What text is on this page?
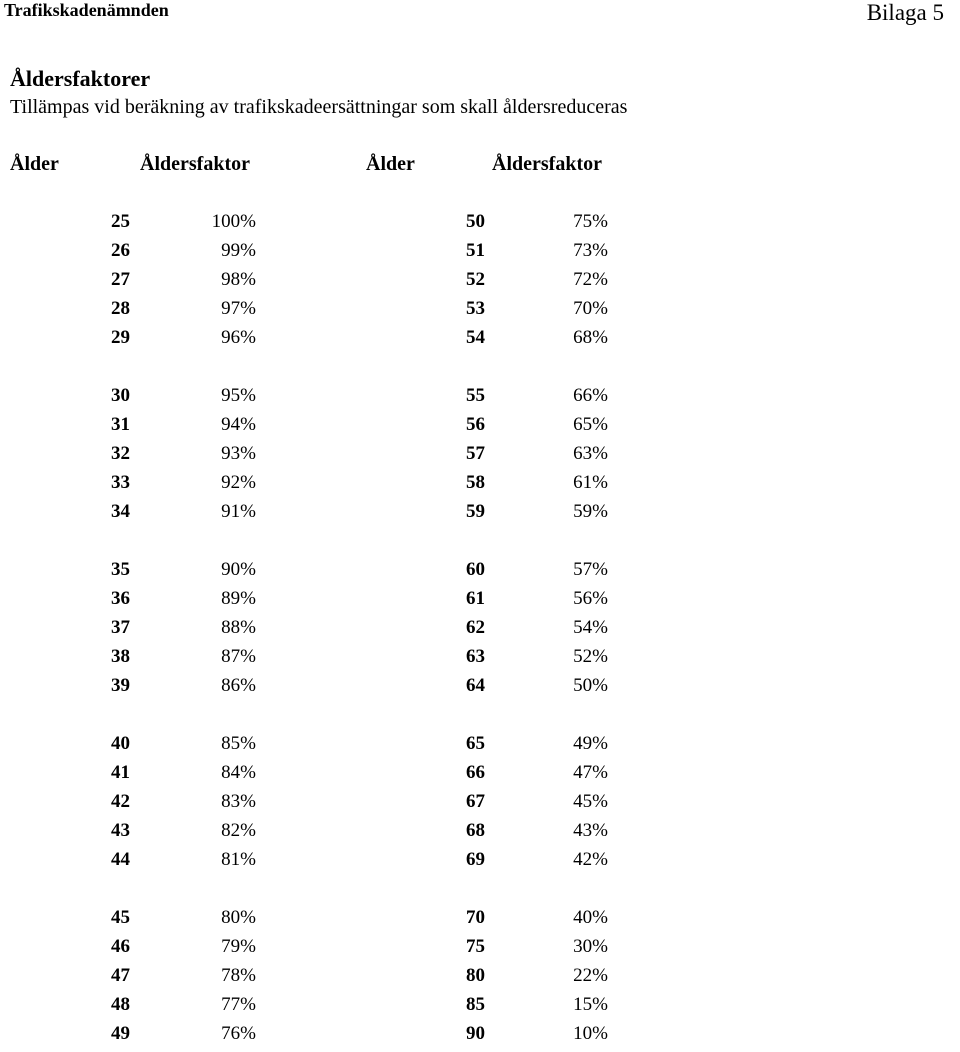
Trafikskadenämnden	Bilaga 5
Åldersfaktorer
Tillämpas vid beräkning av trafikskadeersättningar som skall åldersreduceras
Ålder	Åldersfaktor	Ålder	Åldersfaktor
25	100%	50	75%
26	99%	51	73%
27	98%	52	72%
28	97%	53	70%
29	96%	54	68%
30	95%	55	66%
31	94%	56	65%
32	93%	57	63%
33	92%	58	61%
34	91%	59	59%
35	90%	60	57%
36	89%	61	56%
37	88%	62	54%
38	87%	63	52%
39	86%	64	50%
40	85%	65	49%
41	84%	66	47%
42	83%	67	45%
43	82%	68	43%
44	81%	69	42%
45	80%	70	40%
46	79%	75	30%
47	78%	80	22%
48	77%	85	15%
49	76%	90	10%
